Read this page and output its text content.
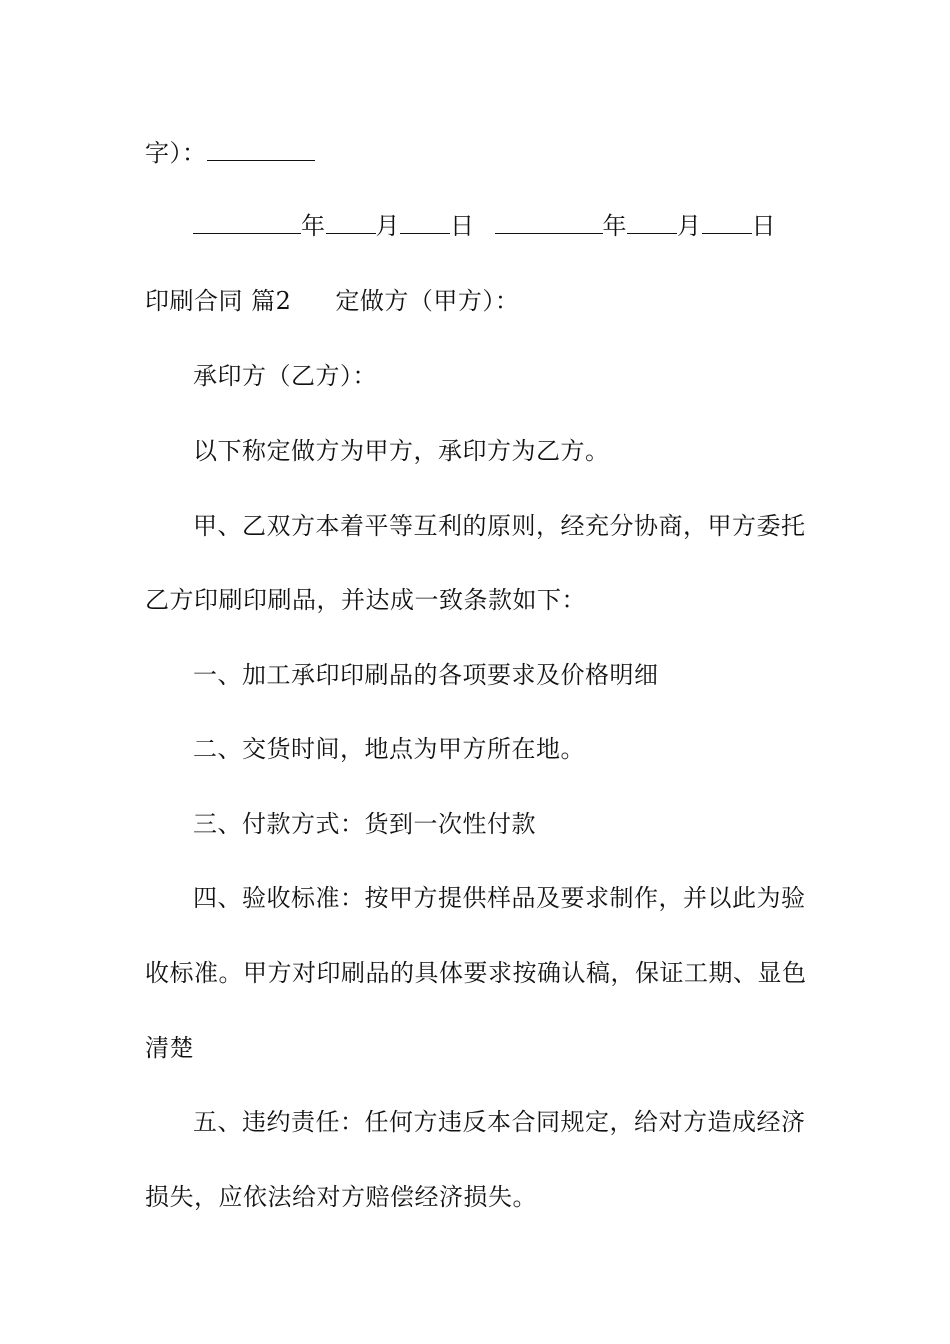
字）：
年 月 日	年 月 日
印刷合同 篇2 定做方（甲方）：
承印方（乙方）：
以下称定做方为甲方，承印方为乙方。
甲、乙双方本着平等互利的原则，经充分协商，甲方委托
乙方印刷印刷品，并达成一致条款如下：
一、加工承印印刷品的各项要求及价格明细
二、交货时间，地点为甲方所在地。
三、付款方式：货到一次性付款
四、验收标准：按甲方提供样品及要求制作，并以此为验
收标准。甲方对印刷品的具体要求按确认稿，保证工期、显色
清楚
五、违约责任：任何方违反本合同规定，给对方造成经济
损失，应依法给对方赔偿经济损失。
